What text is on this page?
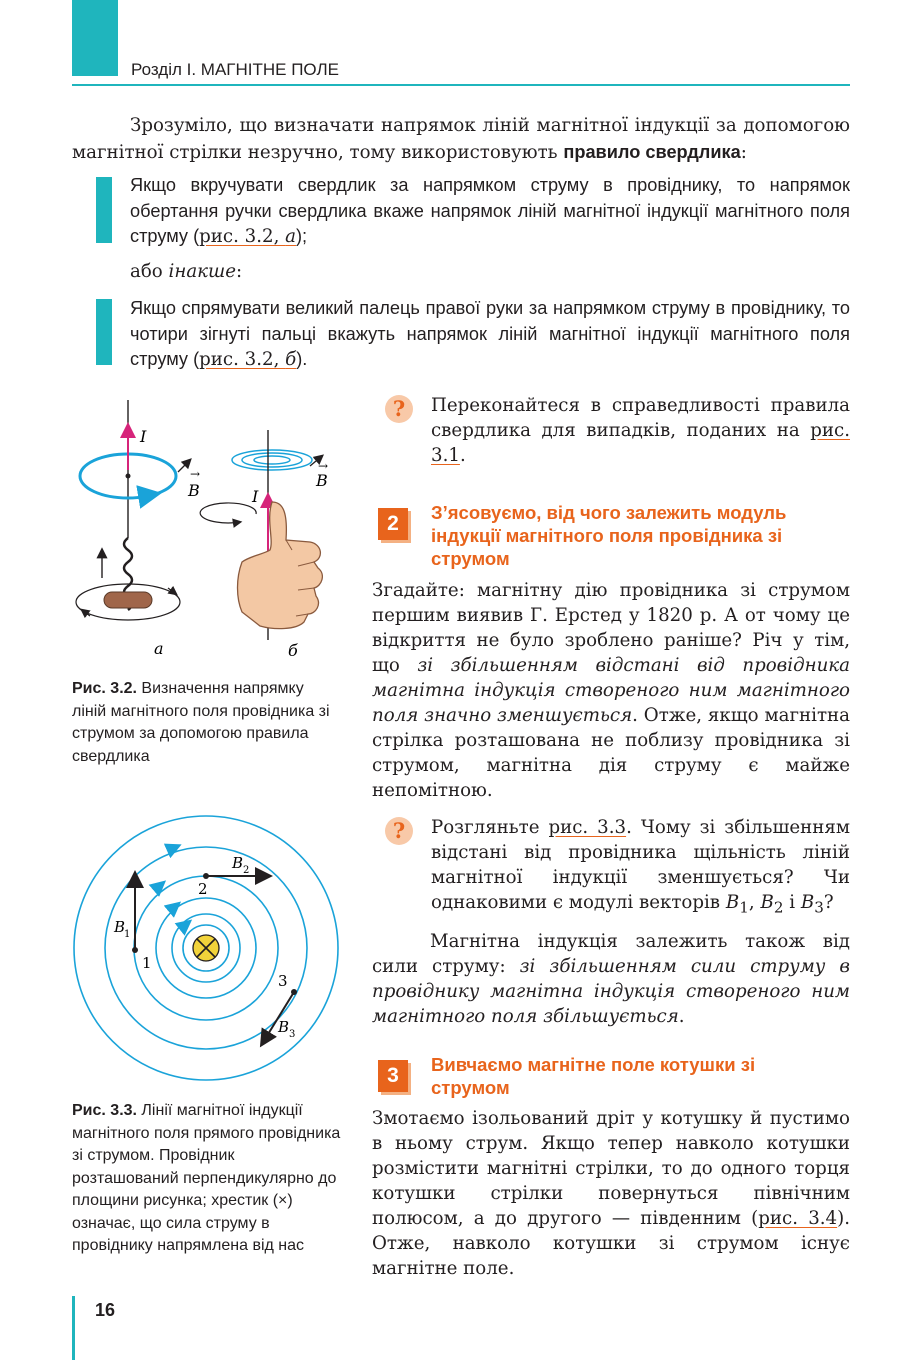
Розділ І. МАГНІТНЕ ПОЛЕ
Зрозуміло, що визначати напрямок ліній магнітної індукції за допомогою магнітної стрілки незручно, тому використовують правило свердлика:
Якщо вкручувати свердлик за напрямком струму в провіднику, то напрямок обертання ручки свердлика вкаже напрямок ліній магнітної індукції магнітного поля струму (рис. 3.2, а);
або інакше:
Якщо спрямувати великий палець правої руки за напрямком струму в провіднику, то чотири зігнуті пальці вкажуть напрямок ліній магнітної індукції магнітного поля струму (рис. 3.2, б).
I
B
→
а
B
→
I
б
Рис. 3.2. Визначення напрямку ліній магнітного поля провідника зі струмом за допомогою правила свердлика
? Переконайтеся в справедливості правила свердлика для випадків, поданих на рис. 3.1.
2	З’ясовуємо, від чого залежить модуль індукції магнітного поля провідника зі струмом
Згадайте: магнітну дію провідника зі струмом першим виявив Г. Ерстед у 1820 р. А от чому це відкриття не було зроблено раніше? Річ у тім, що зі збільшенням відстані від провідника магнітна індукція створеного ним магнітного поля значно зменшується. Отже, якщо магнітна стрілка розташована не поблизу провідника зі струмом, магнітна дія струму є майже непомітною.
? Розгляньте рис. 3.3. Чому зі збільшенням відстані від провідника щільність ліній магнітної індукції зменшується? Чи однаковими є модулі векторів $B_1$, $B_2$ і $B_3$?
Магнітна індукція залежить також від сили струму: зі збільшенням сили струму в провіднику магнітна індукція створеного ним магнітного поля збільшується.
1
B
1
2
B 2
3
B 3
Рис. 3.3. Лінії магнітної індукції магнітного поля прямого провідника зі струмом. Провідник розташований перпендикулярно до площини рисунка; хрестик (×) означає, що сила струму в провіднику напрямлена від нас
3	Вивчаємо магнітне поле котушки зі струмом
Змотаємо ізольований дріт у котушку й пустимо в ньому струм. Якщо тепер навколо котушки розмістити магнітні стрілки, то до одного торця котушки стрілки повернуться північним полюсом, а до другого — південним (рис. 3.4). Отже, навколо котушки зі струмом існує магнітне поле.
16
